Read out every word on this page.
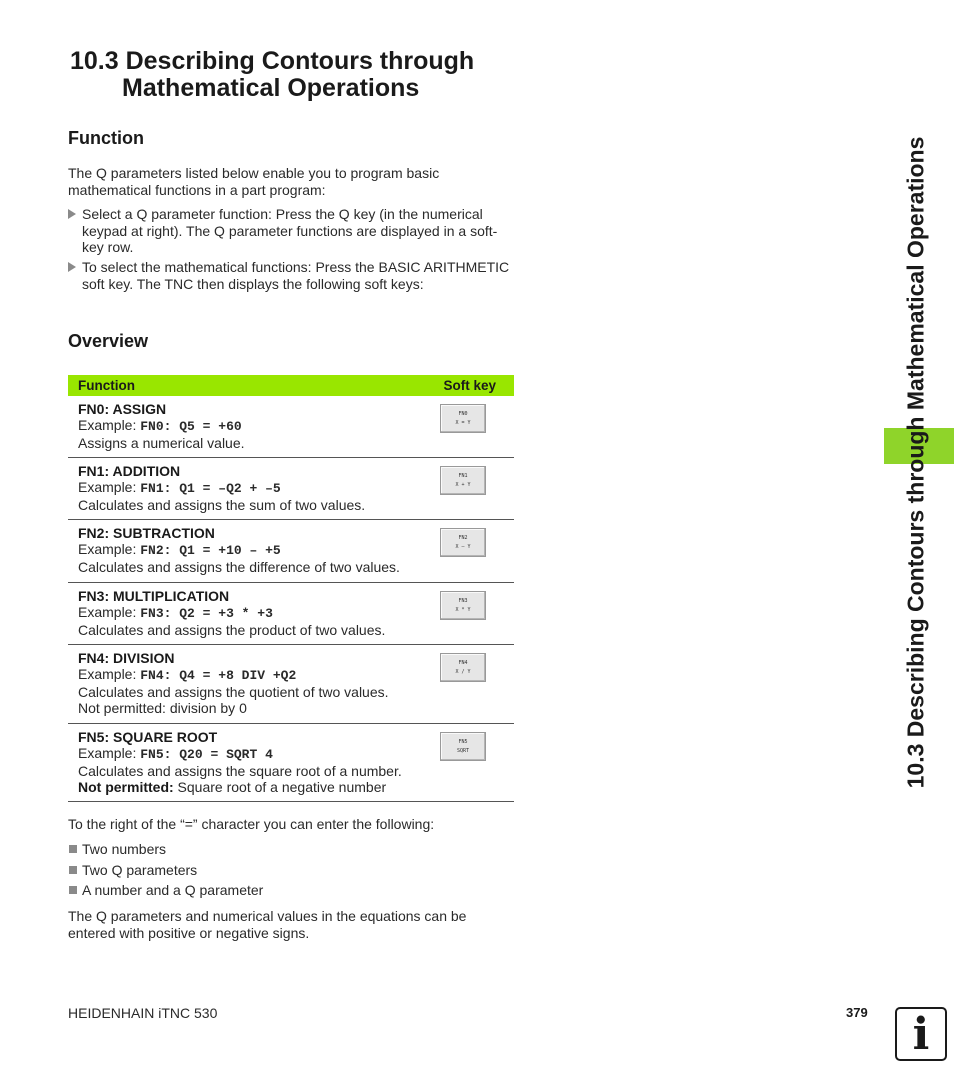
10.3 Describing Contours through
Mathematical Operations
Function

The Q parameters listed below enable you to program basic mathematical functions in a part program:

Select a Q parameter function: Press the Q key (in the numerical keypad at right). The Q parameter functions are displayed in a soft-key row.
To select the mathematical functions: Press the BASIC ARITHMETIC soft key. The TNC then displays the following soft keys:
Overview
Function	Soft key
FN0: ASSIGN
Example: FN0: Q5 = +60
Assigns a numerical value.
FN0
X = Y
FN1: ADDITION
Example: FN1: Q1 = –Q2 + –5
Calculates and assigns the sum of two values.
FN1
X + Y
FN2: SUBTRACTION
Example: FN2: Q1 = +10 – +5
Calculates and assigns the difference of two values.
FN2
X – Y
FN3: MULTIPLICATION
Example: FN3: Q2 = +3 * +3
Calculates and assigns the product of two values.
FN3
X * Y
FN4: DIVISION
Example: FN4: Q4 = +8 DIV +Q2
Calculates and assigns the quotient of two values.
Not permitted: division by 0
FN4
X / Y
FN5: SQUARE ROOT
Example: FN5: Q20 = SQRT 4
Calculates and assigns the square root of a number.
Not permitted: Square root of a negative number
FN5
SQRT

To the right of the “=” character you can enter the following:

Two numbers
Two Q parameters
A number and a Q parameter

The Q parameters and numerical values in the equations can be entered with positive or negative signs.

10.3 Describing Contours through Mathematical Operations
HEIDENHAIN iTNC 530	379	i
